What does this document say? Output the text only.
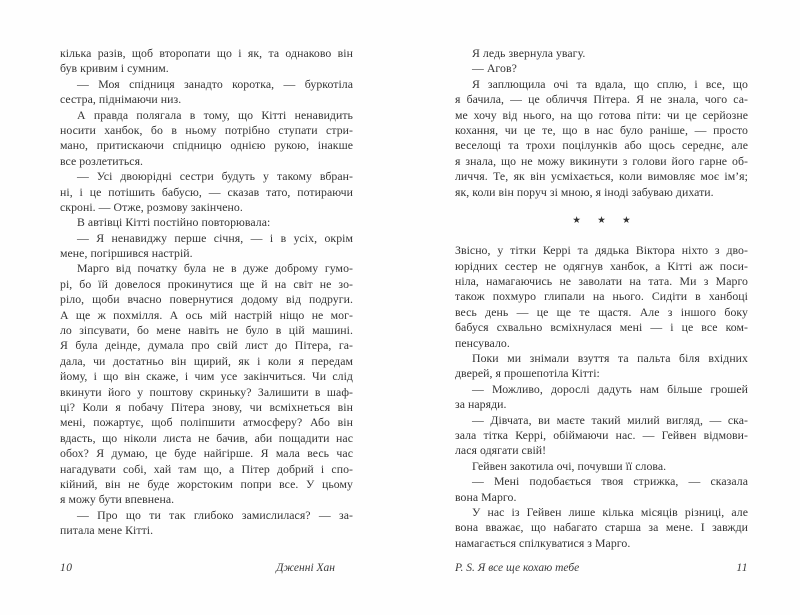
кілька разів, щоб второпати що і як, та однаково він
був кривим і сумним.
— Моя спідниця занадто коротка, — буркотіла
сестра, піднімаючи низ.
А правда полягала в тому, що Кітті ненавидить
носити ханбок, бо в ньому потрібно ступати стри-
мано, притискаючи спідницю однією рукою, інакше
все розлетиться.
— Усі двоюрідні сестри будуть у такому вбран-
ні, і це потішить бабусю, — сказав тато, потираючи
скроні. — Отже, розмову закінчено.
В автівці Кітті постійно повторювала:
— Я ненавиджу перше січня, — і в усіх, окрім
мене, погіршився настрій.
Марго від початку була не в дуже доброму гумо-
рі, бо їй довелося прокинутися ще й на світ не зо-
ріло, щоби вчасно повернутися додому від подруги.
А ще ж похмілля. А ось мій настрій ніщо не мог-
ло зіпсувати, бо мене навіть не було в цій машині.
Я була деінде, думала про свій лист до Пітера, га-
дала, чи достатньо він щирий, як і коли я передам
йому, і що він скаже, і чим усе закінчиться. Чи слід
вкинути його у поштову скриньку? Залишити в шаф-
ці? Коли я побачу Пітера знову, чи всміхнеться він
мені, пожартує, щоб поліпшити атмосферу? Або він
вдасть, що ніколи листа не бачив, аби пощадити нас
обох? Я думаю, це буде найгірше. Я мала весь час
нагадувати собі, хай там що, а Пітер добрий і спо-
кійний, він не буде жорстоким попри все. У цьому
я можу бути впевнена.
— Про що ти так глибоко замислилася? — за-
питала мене Кітті.
10	Дженні Хан
Я ледь звернула увагу.
— Агов?
Я заплющила очі та вдала, що сплю, і все, що
я бачила, — це обличчя Пітера. Я не знала, чого са-
ме хочу від нього, на що готова піти: чи це серйозне
кохання, чи це те, що в нас було раніше, — просто
веселощі та трохи поцілунків або щось середнє, але
я знала, що не можу викинути з голови його гарне об-
личчя. Те, як він усміхається, коли вимовляє моє ім’я;
як, коли він поруч зі мною, я іноді забуваю дихати.
★ ★ ★
Звісно, у тітки Керрі та дядька Віктора ніхто з дво-
юрідних сестер не одягнув ханбок, а Кітті аж поси-
ніла, намагаючись не заволати на тата. Ми з Марго
також похмуро глипали на нього. Сидіти в ханбоці
весь день — це ще те щастя. Але з іншого боку
бабуся схвально всміхнулася мені — і це все ком-
пенсувало.
Поки ми знімали взуття та пальта біля вхідних
дверей, я прошепотіла Кітті:
— Можливо, дорослі дадуть нам більше грошей
за наряди.
— Дівчата, ви маєте такий милий вигляд, — ска-
зала тітка Керрі, обіймаючи нас. — Гейвен відмови-
лася одягати свій!
Гейвен закотила очі, почувши її слова.
— Мені подобається твоя стрижка, — сказала
вона Марго.
У нас із Гейвен лише кілька місяців різниці, але
вона вважає, що набагато старша за мене. І завжди
намагається спілкуватися з Марго.
P. S. Я все ще кохаю тебе	11
